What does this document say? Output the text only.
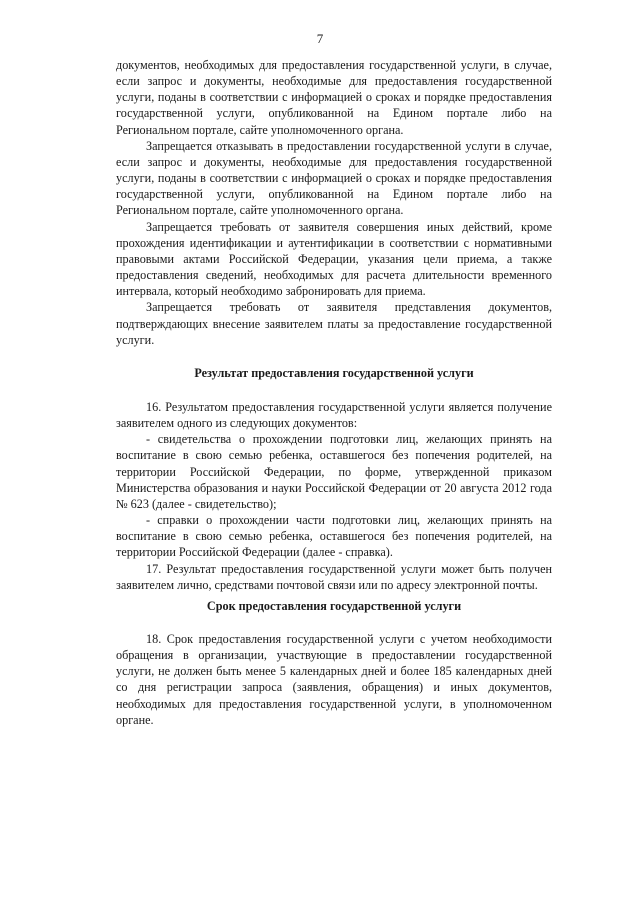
7

документов, необходимых для предоставления государственной услуги, в случае, если запрос и документы, необходимые для предоставления государственной услуги, поданы в соответствии с информацией о сроках и порядке предоставления государственной услуги, опубликованной на Едином портале либо на Региональном портале, сайте уполномоченного органа.

Запрещается отказывать в предоставлении государственной услуги в случае, если запрос и документы, необходимые для предоставления государственной услуги, поданы в соответствии с информацией о сроках и порядке предоставления государственной услуги, опубликованной на Едином портале либо на Региональном портале, сайте уполномоченного органа.

Запрещается требовать от заявителя совершения иных действий, кроме прохождения идентификации и аутентификации в соответствии с нормативными правовыми актами Российской Федерации, указания цели приема, а также предоставления сведений, необходимых для расчета длительности временного интервала, который необходимо забронировать для приема.

Запрещается требовать от заявителя представления документов, подтверждающих внесение заявителем платы за предоставление государственной услуги.

Результат предоставления государственной услуги

16. Результатом предоставления государственной услуги является получение заявителем одного из следующих документов:

- свидетельства о прохождении подготовки лиц, желающих принять на воспитание в свою семью ребенка, оставшегося без попечения родителей, на территории Российской Федерации, по форме, утвержденной приказом Министерства образования и науки Российской Федерации от 20 августа 2012 года № 623 (далее - свидетельство);

- справки о прохождении части подготовки лиц, желающих принять на воспитание в свою семью ребенка, оставшегося без попечения родителей, на территории Российской Федерации (далее - справка).

17. Результат предоставления государственной услуги может быть получен заявителем лично, средствами почтовой связи или по адресу электронной почты.

Срок предоставления государственной услуги

18. Срок предоставления государственной услуги с учетом необходимости обращения в организации, участвующие в предоставлении государственной услуги, не должен быть менее 5 календарных дней и более 185 календарных дней со дня регистрации запроса (заявления, обращения) и иных документов, необходимых для предоставления государственной услуги, в уполномоченном органе.
